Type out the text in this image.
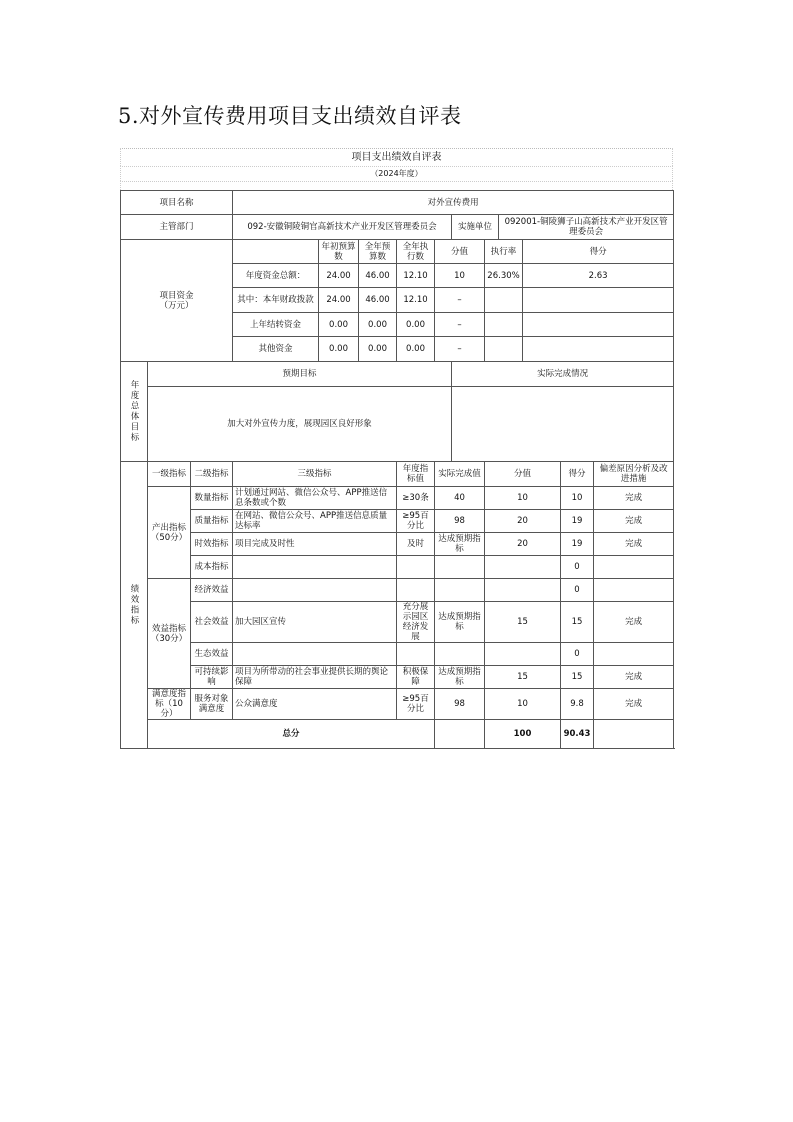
5.对外宣传费用项目支出绩效自评表
项目支出绩效自评表
（2024年度）
项目名称			对外宣传费用										
主管部门			092-安徽铜陵铜官高新技术产业开发区管理委员会					实施单位		092001-铜陵狮子山高新技术产业开发区管理委员会			
项目资金
（万元）				年初预算数	全年预算数	全年执行数	分值		执行率		得分		
			年度资金总额：	24.00	46.00	12.10	10		26.30%		2.63		
			其中：本年财政拨款	24.00	46.00	12.10	–						
			上年结转资金	0.00	0.00	0.00	–						
			其他资金	0.00	0.00	0.00	–						
年度总体目标	预期目标							实际完成情况					
	加大对外宣传力度，展现园区良好形象												
绩效指标	一级指标	二级指标	三级指标			年度指标值	实际完成值		分值			得分	偏差原因分析及改进措施
	产出指标
（50分）	数量指标	计划通过网站、微信公众号、APP推送信息条数或个数			≥30条	40		10			10	完成
		质量指标	在网站、微信公众号、APP推送信息质量达标率			≥95百分比	98		20			19	完成
		时效指标	项目完成及时性			及时	达成预期指标		20			19	完成
		成本指标										0	
	效益指标
（30分）	经济效益										0	
		社会效益	加大园区宣传			充分展示园区经济发展	达成预期指标		15			15	完成
		生态效益										0	
		可持续影响	项目为所带动的社会事业提供长期的舆论保障			积极保障	达成预期指标		15			15	完成
	满意度指标（10分）	服务对象满意度	公众满意度			≥95百分比	98		10			9.8	完成
	总分								100			90.43	
